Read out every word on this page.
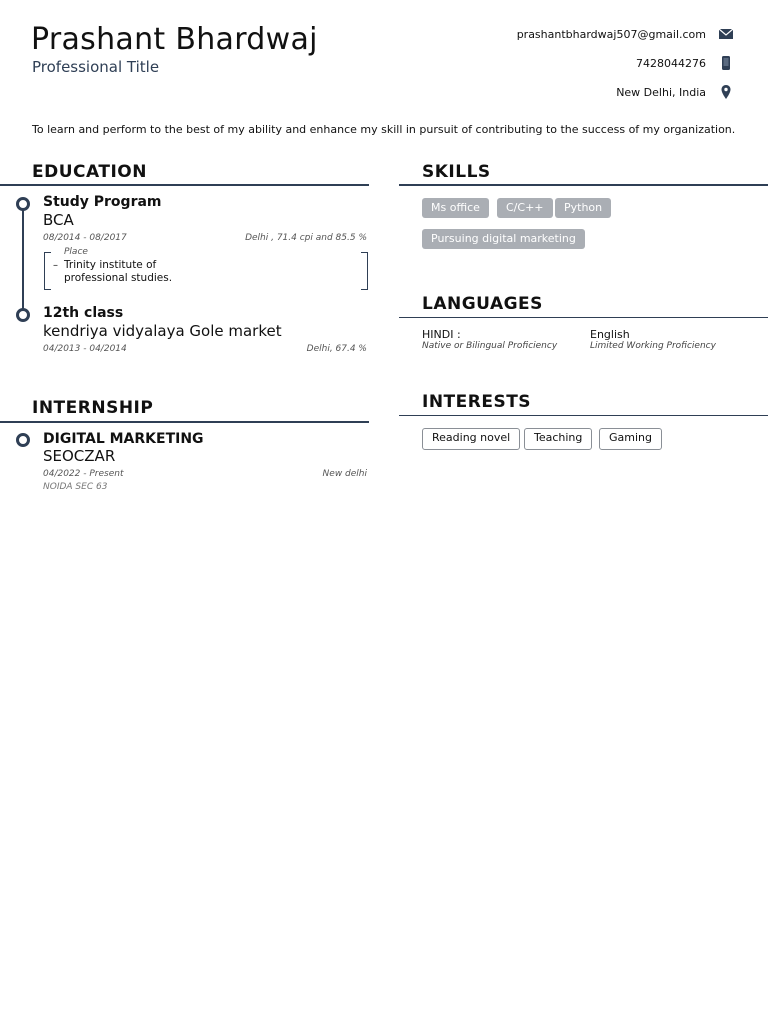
Prashant Bhardwaj
Professional Title
prashantbhardwaj507@gmail.com
7428044276
New Delhi, India
To learn and perform to the best of my ability and enhance my skill in pursuit of contributing to the success of my organization.
EDUCATION
Study Program
BCA
08/2014 - 08/2017	Delhi , 71.4 cpi and 85.5 %
Place
– Trinity institute of
professional studies.
12th class
kendriya vidyalaya Gole market
04/2013 - 04/2014	Delhi, 67.4 %
INTERNSHIP
DIGITAL MARKETING
SEOCZAR
04/2022 - Present	New delhi
NOIDA SEC 63
SKILLS
Ms office	C/C++	Python
Pursuing digital marketing
LANGUAGES
HINDI :
Native or Bilingual Proficiency
English
Limited Working Proficiency
INTERESTS
Reading novel	Teaching	Gaming
